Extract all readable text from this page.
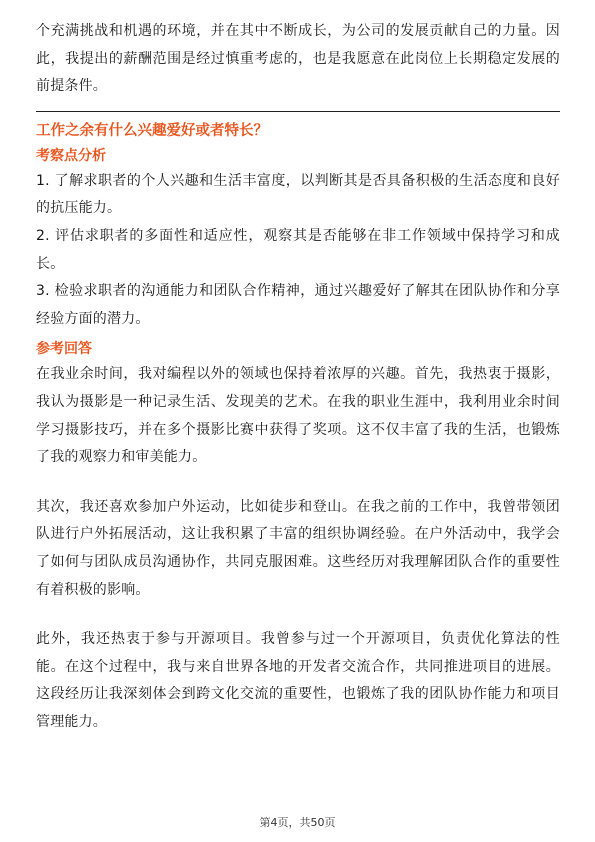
个充满挑战和机遇的环境，并在其中不断成长，为公司的发展贡献自己的力量。因此，我提出的薪酬范围是经过慎重考虑的，也是我愿意在此岗位上长期稳定发展的前提条件。

工作之余有什么兴趣爱好或者特长？

考察点分析

1. 了解求职者的个人兴趣和生活丰富度，以判断其是否具备积极的生活态度和良好的抗压能力。

2. 评估求职者的多面性和适应性，观察其是否能够在非工作领域中保持学习和成长。

3. 检验求职者的沟通能力和团队合作精神，通过兴趣爱好了解其在团队协作和分享经验方面的潜力。

参考回答

在我业余时间，我对编程以外的领域也保持着浓厚的兴趣。首先，我热衷于摄影，我认为摄影是一种记录生活、发现美的艺术。在我的职业生涯中，我利用业余时间学习摄影技巧，并在多个摄影比赛中获得了奖项。这不仅丰富了我的生活，也锻炼了我的观察力和审美能力。

其次，我还喜欢参加户外运动，比如徒步和登山。在我之前的工作中，我曾带领团队进行户外拓展活动，这让我积累了丰富的组织协调经验。在户外活动中，我学会了如何与团队成员沟通协作，共同克服困难。这些经历对我理解团队合作的重要性有着积极的影响。

此外，我还热衷于参与开源项目。我曾参与过一个开源项目，负责优化算法的性能。在这个过程中，我与来自世界各地的开发者交流合作，共同推进项目的进展。这段经历让我深刻体会到跨文化交流的重要性，也锻炼了我的团队协作能力和项目管理能力。

第4页，共50页
